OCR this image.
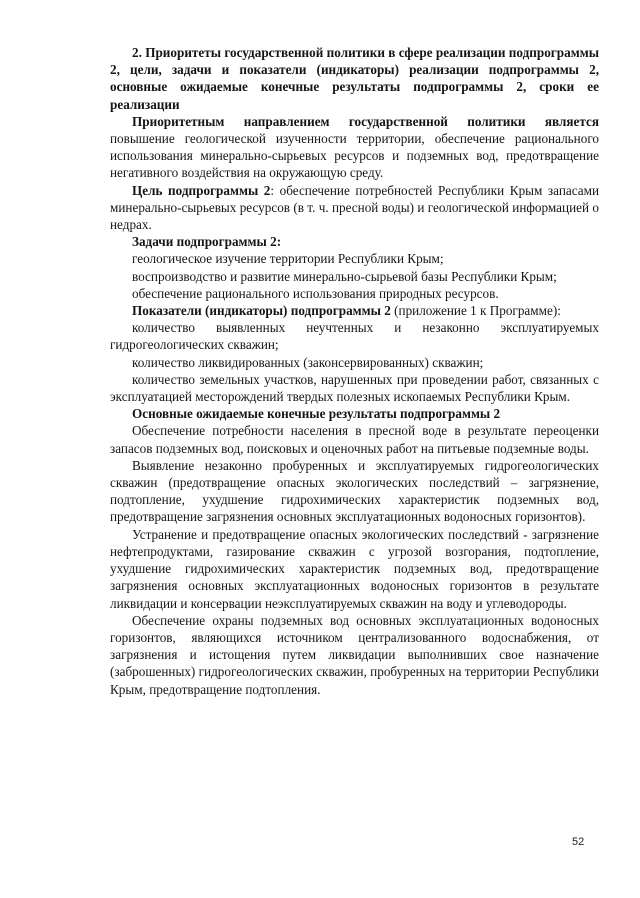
2. Приоритеты государственной политики в сфере реализации подпрограммы 2, цели, задачи и показатели (индикаторы) реализации подпрограммы 2, основные ожидаемые конечные результаты подпрограммы 2, сроки ее реализации

Приоритетным направлением государственной политики является повышение геологической изученности территории, обеспечение рационального использования минерально-сырьевых ресурсов и подземных вод, предотвращение негативного воздействия на окружающую среду.

Цель подпрограммы 2: обеспечение потребностей Республики Крым запасами минерально-сырьевых ресурсов (в т. ч. пресной воды) и геологической информацией о недрах.

Задачи подпрограммы 2:

геологическое изучение территории Республики Крым;

воспроизводство и развитие минерально-сырьевой базы Республики Крым;

обеспечение рационального использования природных ресурсов.

Показатели (индикаторы) подпрограммы 2 (приложение 1 к Программе):

количество выявленных неучтенных и незаконно эксплуатируемых гидрогеологических скважин;

количество ликвидированных (законсервированных) скважин;

количество земельных участков, нарушенных при проведении работ, связанных с эксплуатацией месторождений твердых полезных ископаемых Республики Крым.

Основные ожидаемые конечные результаты подпрограммы 2

Обеспечение потребности населения в пресной воде в результате переоценки запасов подземных вод, поисковых и оценочных работ на питьевые подземные воды.

Выявление незаконно пробуренных и эксплуатируемых гидрогеологических скважин (предотвращение опасных экологических последствий – загрязнение, подтопление, ухудшение гидрохимических характеристик подземных вод, предотвращение загрязнения основных эксплуатационных водоносных горизонтов).

Устранение и предотвращение опасных экологических последствий - загрязнение нефтепродуктами, газирование скважин с угрозой возгорания, подтопление, ухудшение гидрохимических характеристик подземных вод, предотвращение загрязнения основных эксплуатационных водоносных горизонтов в результате ликвидации и консервации неэксплуатируемых скважин на воду и углеводороды.

Обеспечение охраны подземных вод основных эксплуатационных водоносных горизонтов, являющихся источником централизованного водоснабжения, от загрязнения и истощения путем ликвидации выполнивших свое назначение (заброшенных) гидрогеологических скважин, пробуренных на территории Республики Крым, предотвращение подтопления.

52
